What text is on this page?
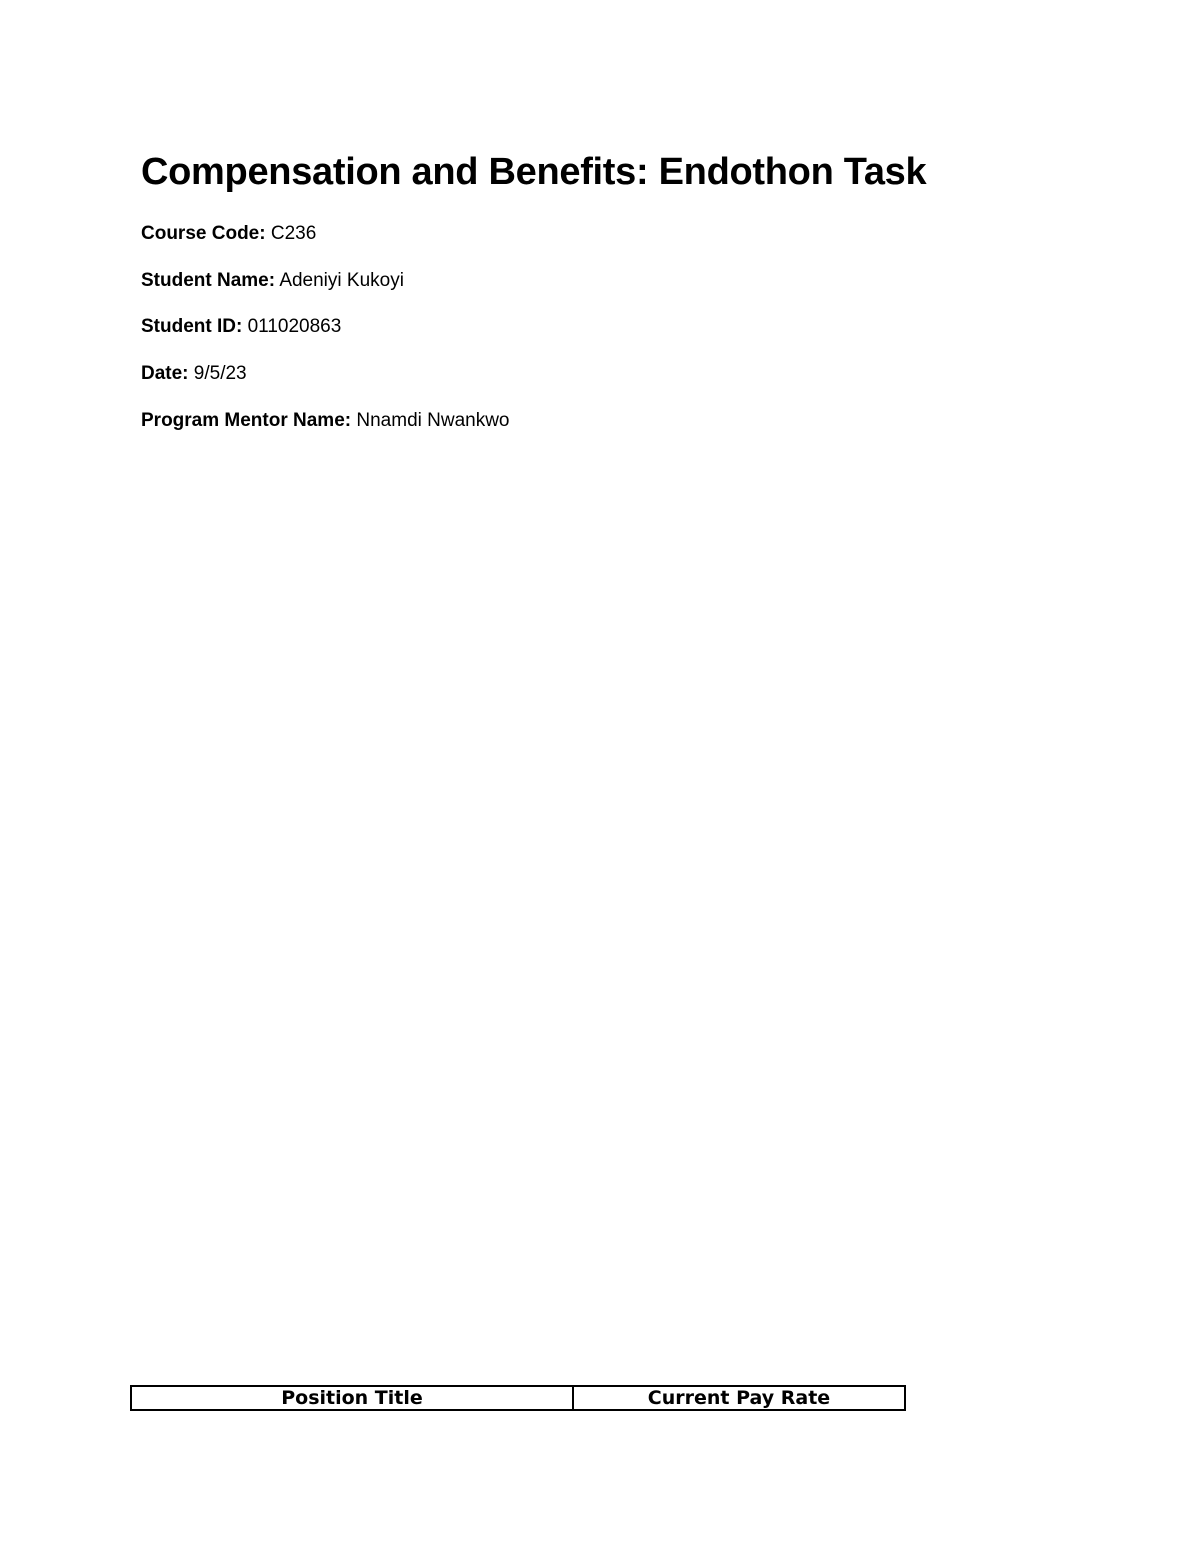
Compensation and Benefits: Endothon Task

Course Code: C236

Student Name: Adeniyi Kukoyi

Student ID: 011020863

Date: 9/5/23

Program Mentor Name: Nnamdi Nwankwo

Position Title	Current Pay Rate
